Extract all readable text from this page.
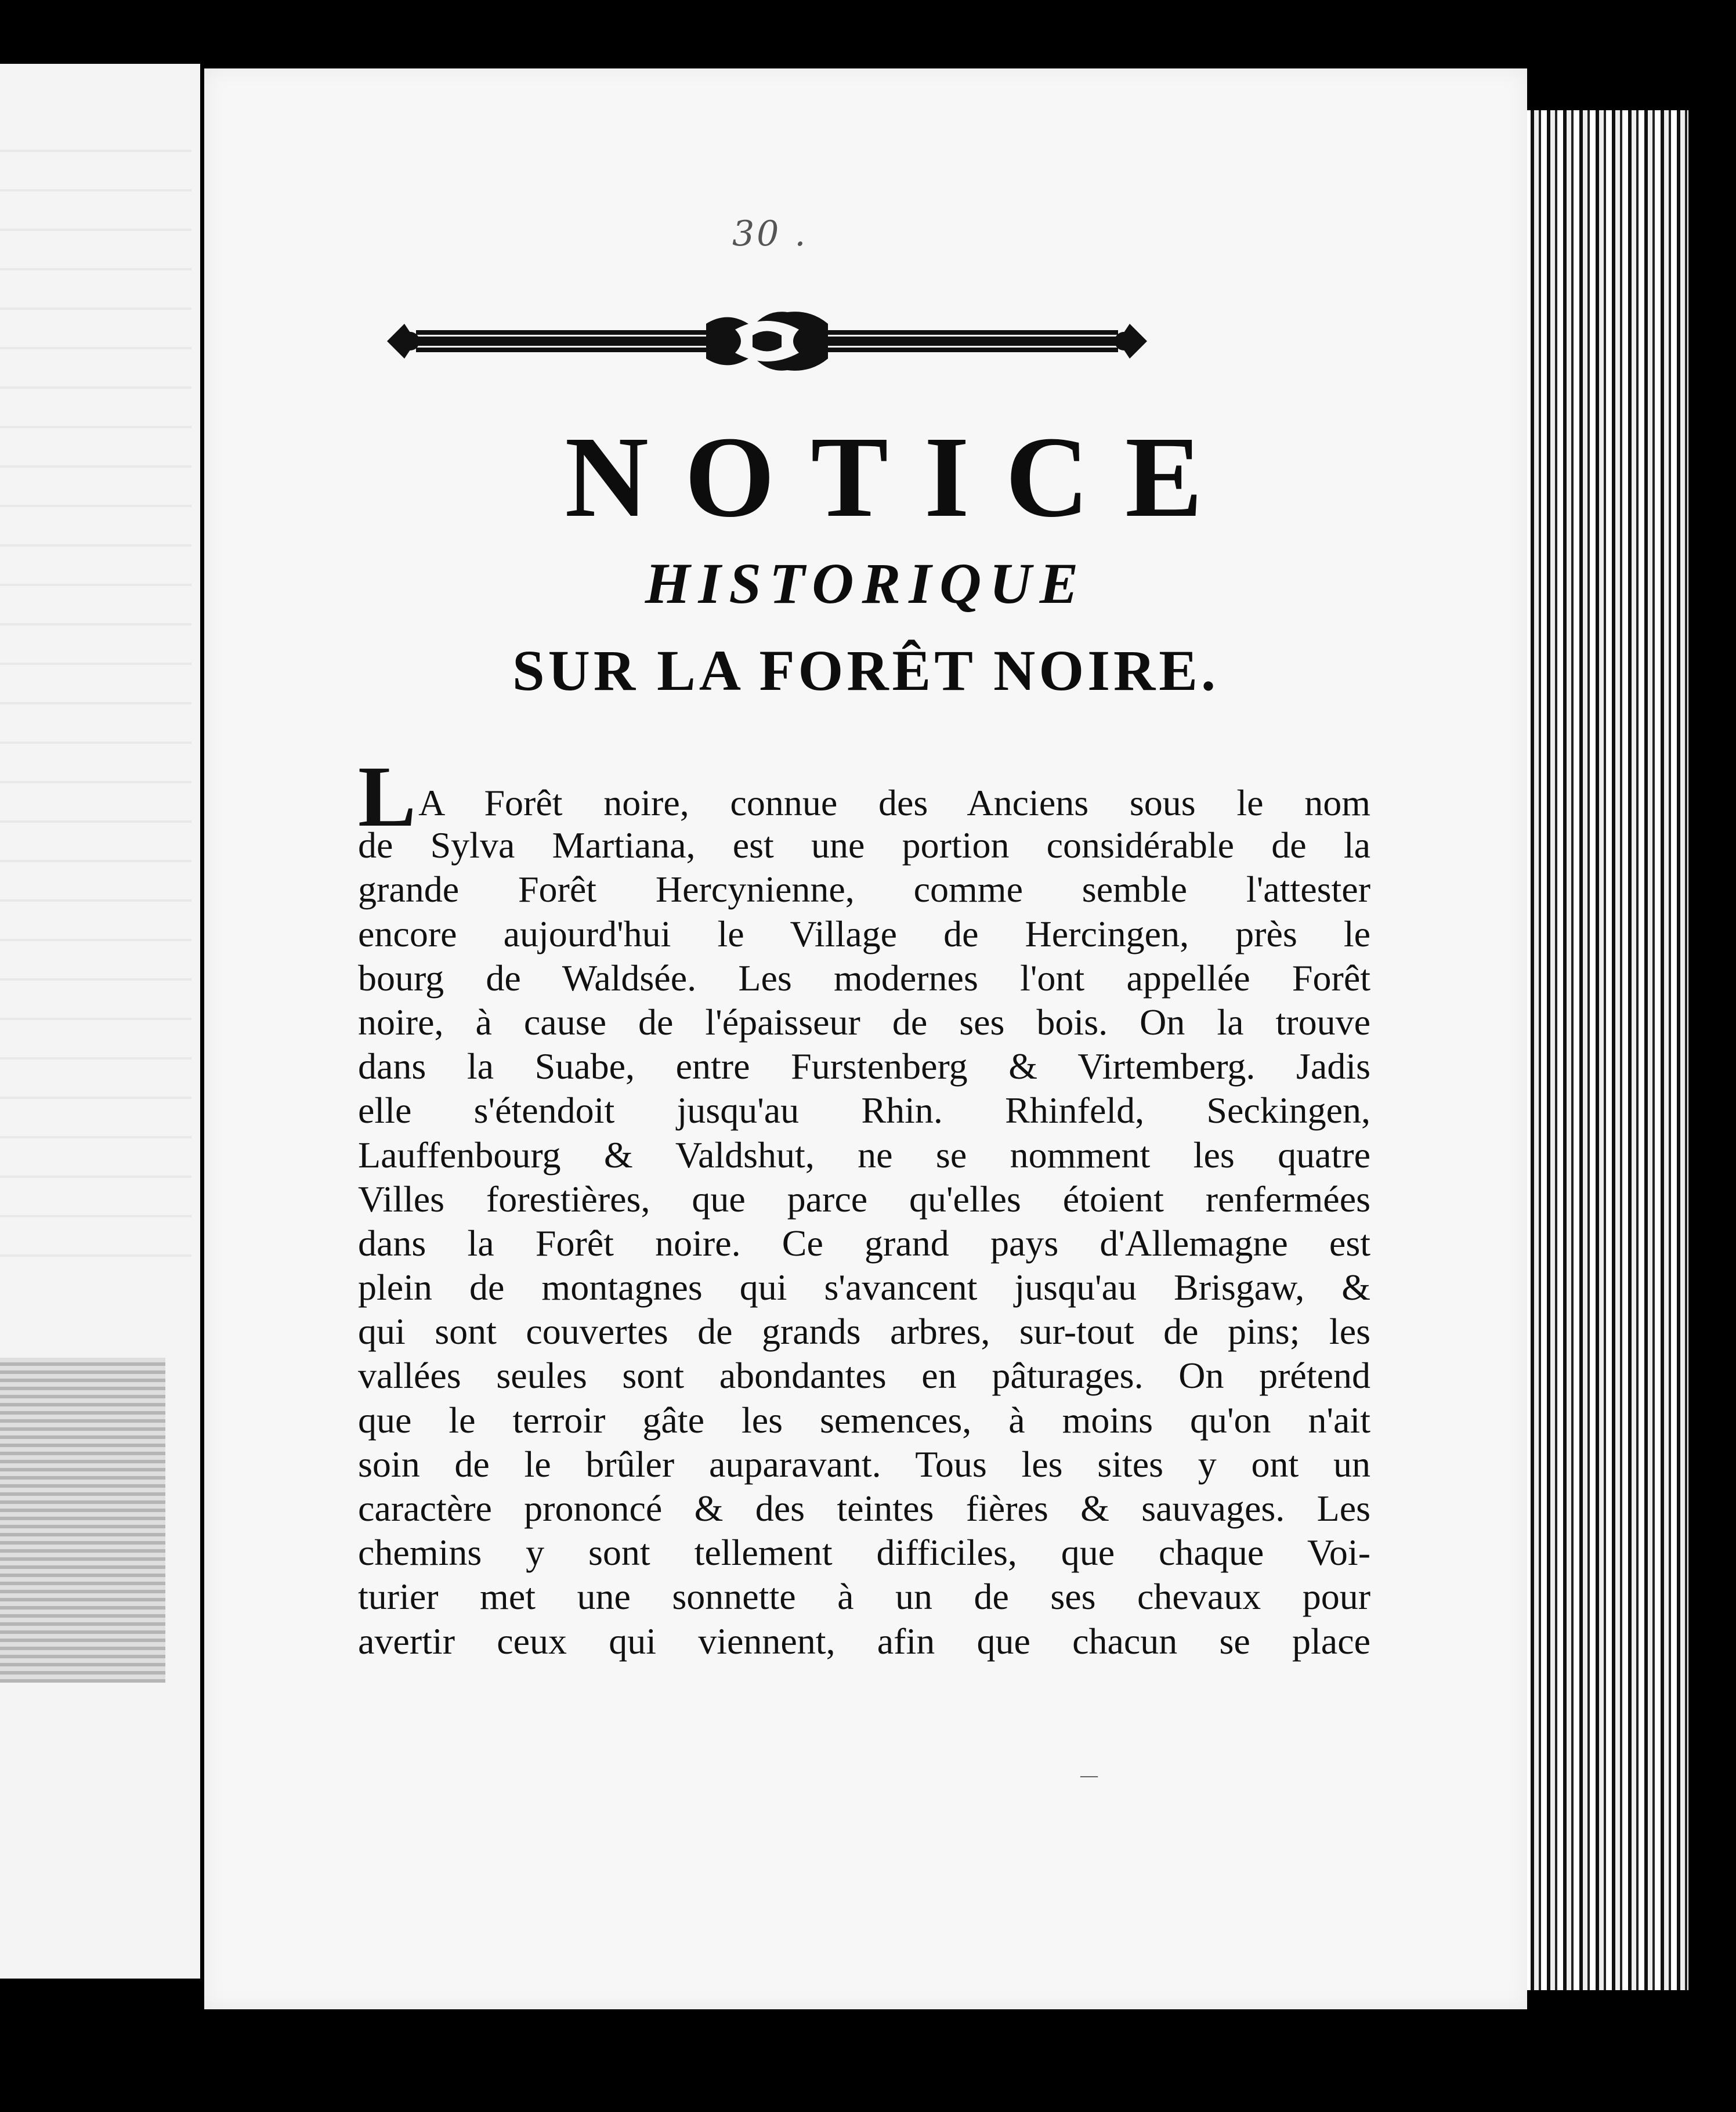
30 .
NOTICE
HISTORIQUE
SUR LA FORÊT NOIRE.
LA Forêt noire, connue des Anciens sous le nom
de Sylva Martiana, est une portion considérable de la
grande Forêt Hercynienne, comme semble l'attester
encore aujourd'hui le Village de Hercingen, près le
bourg de Waldsée. Les modernes l'ont appellée Forêt
noire, à cause de l'épaisseur de ses bois. On la trouve
dans la Suabe, entre Furstenberg & Virtemberg. Jadis
elle s'étendoit jusqu'au Rhin. Rhinfeld, Seckingen,
Lauffenbourg & Valdshut, ne se nomment les quatre
Villes forestières, que parce qu'elles étoient renfermées
dans la Forêt noire. Ce grand pays d'Allemagne est
plein de montagnes qui s'avancent jusqu'au Brisgaw, &
qui sont couvertes de grands arbres, sur-tout de pins; les
vallées seules sont abondantes en pâturages. On prétend
que le terroir gâte les semences, à moins qu'on n'ait
soin de le brûler auparavant. Tous les sites y ont un
caractère prononcé & des teintes fières & sauvages. Les
chemins y sont tellement difficiles, que chaque Voi-
turier met une sonnette à un de ses chevaux pour
avertir ceux qui viennent, afin que chacun se place
—
